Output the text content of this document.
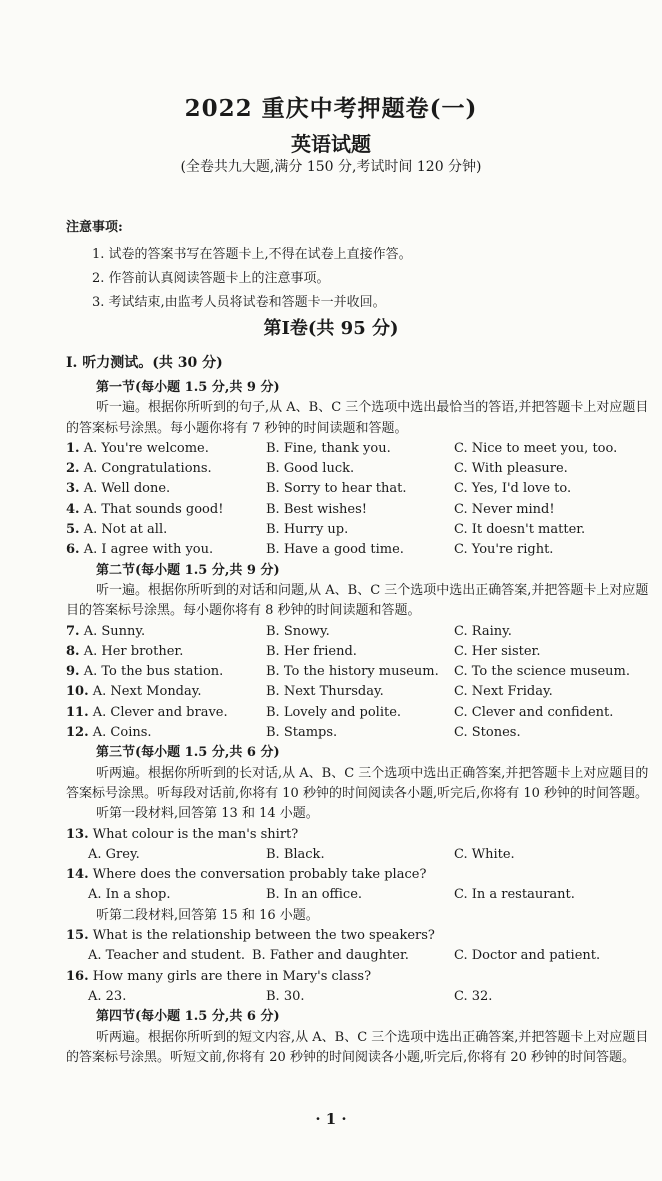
2022 重庆中考押题卷(一)
英语试题
(全卷共九大题,满分 150 分,考试时间 120 分钟)
注意事项:
1. 试卷的答案书写在答题卡上,不得在试卷上直接作答。
2. 作答前认真阅读答题卡上的注意事项。
3. 考试结束,由监考人员将试卷和答题卡一并收回。
第Ⅰ卷(共 95 分)
Ⅰ. 听力测试。(共 30 分)
第一节(每小题 1.5 分,共 9 分)
听一遍。根据你所听到的句子,从 A、B、C 三个选项中选出最恰当的答语,并把答题卡上对应题目的答案标号涂黑。每小题你将有 7 秒钟的时间读题和答题。
1. A. You're welcome.	B. Fine, thank you.	C. Nice to meet you, too.
2. A. Congratulations.	B. Good luck.	C. With pleasure.
3. A. Well done.	B. Sorry to hear that.	C. Yes, I'd love to.
4. A. That sounds good!	B. Best wishes!	C. Never mind!
5. A. Not at all.	B. Hurry up.	C. It doesn't matter.
6. A. I agree with you.	B. Have a good time.	C. You're right.
第二节(每小题 1.5 分,共 9 分)
听一遍。根据你所听到的对话和问题,从 A、B、C 三个选项中选出正确答案,并把答题卡上对应题目的答案标号涂黑。每小题你将有 8 秒钟的时间读题和答题。
7. A. Sunny.	B. Snowy.	C. Rainy.
8. A. Her brother.	B. Her friend.	C. Her sister.
9. A. To the bus station.	B. To the history museum. C. To the science museum.
10. A. Next Monday.	B. Next Thursday.	C. Next Friday.
11. A. Clever and brave.	B. Lovely and polite.	C. Clever and confident.
12. A. Coins.	B. Stamps.	C. Stones.
第三节(每小题 1.5 分,共 6 分)
听两遍。根据你所听到的长对话,从 A、B、C 三个选项中选出正确答案,并把答题卡上对应题目的答案标号涂黑。听每段对话前,你将有 10 秒钟的时间阅读各小题,听完后,你将有 10 秒钟的时间答题。
听第一段材料,回答第 13 和 14 小题。
13. What colour is the man's shirt?
A. Grey.	B. Black.	C. White.
14. Where does the conversation probably take place?
A. In a shop.	B. In an office.	C. In a restaurant.
听第二段材料,回答第 15 和 16 小题。
15. What is the relationship between the two speakers?
A. Teacher and student. B. Father and daughter.	C. Doctor and patient.
16. How many girls are there in Mary's class?
A. 23.	B. 30.	C. 32.
第四节(每小题 1.5 分,共 6 分)
听两遍。根据你所听到的短文内容,从 A、B、C 三个选项中选出正确答案,并把答题卡上对应题目的答案标号涂黑。听短文前,你将有 20 秒钟的时间阅读各小题,听完后,你将有 20 秒钟的时间答题。
· 1 ·
